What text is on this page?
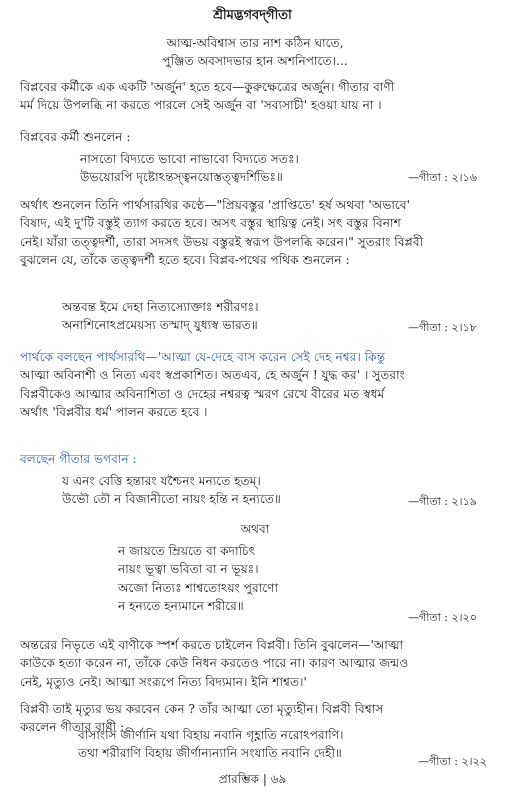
শ্রীমদ্ভগবদ্‌গীতা
আত্ম-অবিশ্বাস তার নাশ কঠিন ঘাতে,
পুঞ্জিত অবসাদভার হান অশনিপাতে।...
বিপ্লবের কর্মীকে এক একটি 'অর্জুন' হতে হবে—কুরুক্ষেত্রের অর্জুন। গীতার বাণী
মর্ম দিয়ে উপলব্ধি না করতে পারলে সেই অর্জুন বা 'সব্যসাচী' হওয়া যায় না ।
বিপ্লবের কর্মী শুনলেন :
নাসতো বিদ্যতে ভাবো নাভাবো বিদ্যতে সতঃ।
উভয়োরপি দৃষ্টোঽন্তস্ত্বনয়োস্তত্ত্বদর্শিভিঃ॥	—গীতা : ২।১৬
অর্থাৎ শুনলেন তিনি পার্থসারথির কণ্ঠে—"প্রিয়বস্তুর 'প্রাপ্তিতে' হর্ষ অথবা 'অভাবে'
বিষাদ, এই দু'টি বস্তুই ত্যাগ করতে হবে। অসৎ বস্তুর স্থায়িত্ব নেই। সৎ বস্তুর বিনাশ
নেই। যাঁরা তত্ত্বদর্শী, তারা সদসৎ উভয় বস্তুরই স্বরূপ উপলব্ধি করেন।" সুতরাং বিপ্লবী
বুঝলেন যে, তাঁকে তত্ত্বদর্শী হতে হবে। বিপ্লব-পথের পথিক শুনলেন :
অন্তবন্ত ইমে দেহা নিত্যস্যোক্তাঃ শরীরণঃ।
অনাশিনোঽপ্রমেয়স্য তস্মাদ্ যুধ্যস্ব ভারত॥	—গীতা : ২।১৮
পার্থকে বলছেন পার্থসারথি—'আত্মা যে-দেহে বাস করেন সেই দেহ নশ্বর। কিন্তু
আত্মা অবিনাশী ও নিত্য এবং স্বপ্রকাশিত। অতএব, হে অর্জুন ! যুদ্ধ কর' । সুতরাং
বিপ্লবীকেও আত্মার অবিনাশিতা ও দেহের নশ্বরত্ব স্মরণ রেখে বীরের মত স্বধর্ম
অর্থাৎ 'বিপ্লবীর ধর্ম' পালন করতে হবে ।
বলছেন গীতার ভগবান :
য এনং বেত্তি হন্তারং যশ্চৈনং মন্যতে হতম্।
উভৌ তৌ ন বিজানীতো নায়ং হন্তি ন হন্যতে॥	—গীতা : ২।১৯
অথবা
ন জায়তে ম্রিয়তে বা কদাচিৎ
নায়ং ভূত্বা ভবিতা বা ন ভূয়ঃ।
অজো নিত্যঃ শাশ্বতোঽয়ং পুরাণো
ন হন্যতে হন্যমানে শরীরে॥
—গীতা : ২।২০
অন্তরের নিভৃতে এই বাণীকে স্পর্শ করতে চাইলেন বিপ্লবী। তিনি বুঝলেন—'আত্মা
কাউকে হত্যা করেন না, তাঁকে কেউ নিধন করতেও পারে না। কারণ আত্মার জন্মও
নেই, মৃত্যুও নেই। আত্মা সংরূপে নিত্য বিদ্যমান। ইনি শাশ্বত।'
বিপ্লবী তাই মৃত্যুর ভয় করবেন কেন ? তাঁর আত্মা তো মৃত্যুহীন। বিপ্লবী বিশ্বাস
করলেন গীতার বাণী :
বাসাংসি জীর্ণানি যথা বিহায় নবানি গৃহ্ণাতি নরোঽপরাণি।
তথা শরীরাণি বিহায় জীর্ণান্যন্যানি সংযাতি নবানি দেহী॥
—গীতা : ২।২২
প্রারম্ভিক | ৬৯
